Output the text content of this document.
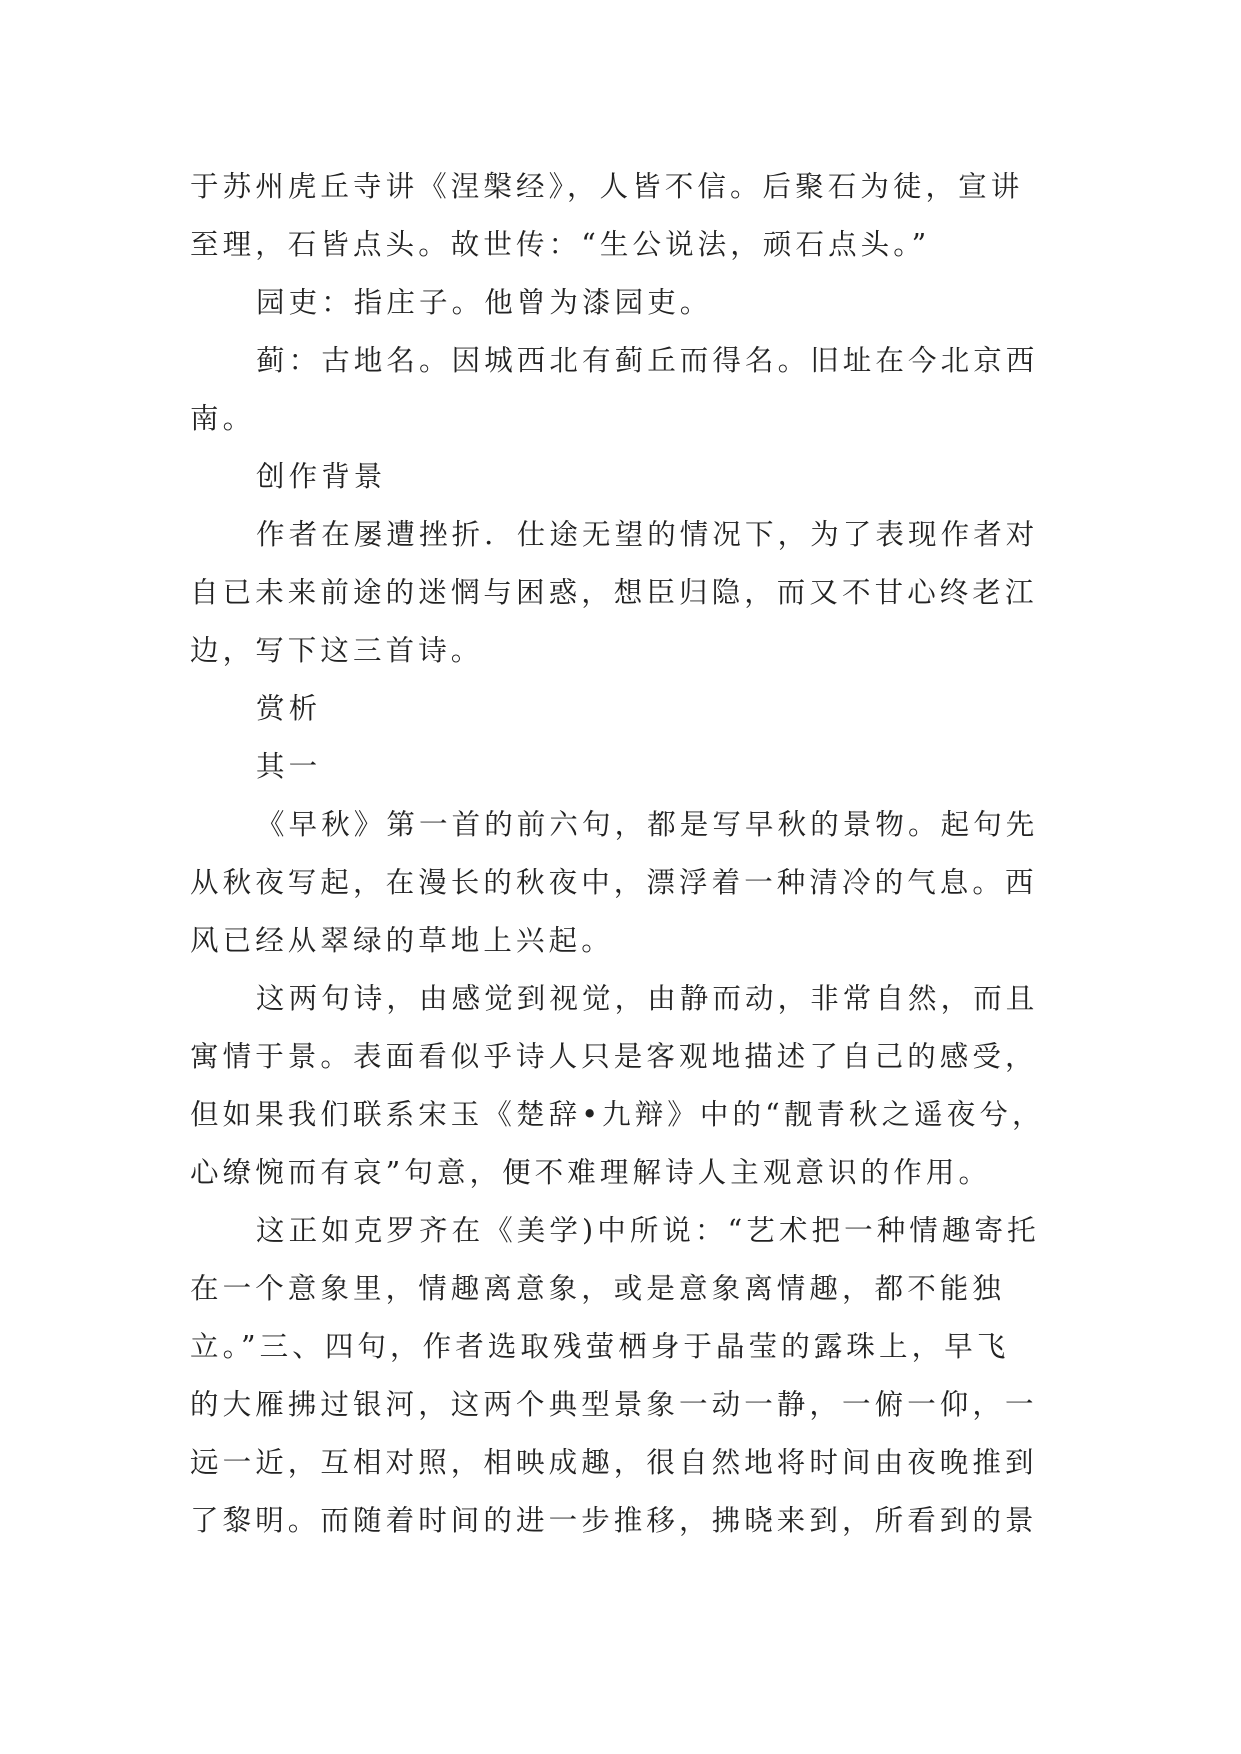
于苏州虎丘寺讲《涅槃经》，人皆不信。后聚石为徒，宣讲

至理，石皆点头。故世传：“生公说法，顽石点头。”

园吏：指庄子。他曾为漆园吏。

蓟：古地名。因城西北有蓟丘而得名。旧址在今北京西

南。

创作背景

作者在屡遭挫折．仕途无望的情况下，为了表现作者对

自已未来前途的迷惘与困惑，想臣归隐，而又不甘心终老江

边，写下这三首诗。

赏析

其一

《早秋》第一首的前六句，都是写早秋的景物。起句先

从秋夜写起，在漫长的秋夜中，漂浮着一种清冷的气息。西

风已经从翠绿的草地上兴起。

这两句诗，由感觉到视觉，由静而动，非常自然，而且

寓情于景。表面看似乎诗人只是客观地描述了自己的感受，

但如果我们联系宋玉《楚辞•九辩》中的“靓青秋之遥夜兮，

心缭惋而有哀”句意，便不难理解诗人主观意识的作用。

这正如克罗齐在《美学)中所说：“艺术把一种情趣寄托

在一个意象里，情趣离意象，或是意象离情趣，都不能独

立。”三、四句，作者选取残萤栖身于晶莹的露珠上，早飞

的大雁拂过银河，这两个典型景象一动一静，一俯一仰，一

远一近，互相对照，相映成趣，很自然地将时间由夜晚推到

了黎明。而随着时间的进一步推移，拂晓来到，所看到的景
